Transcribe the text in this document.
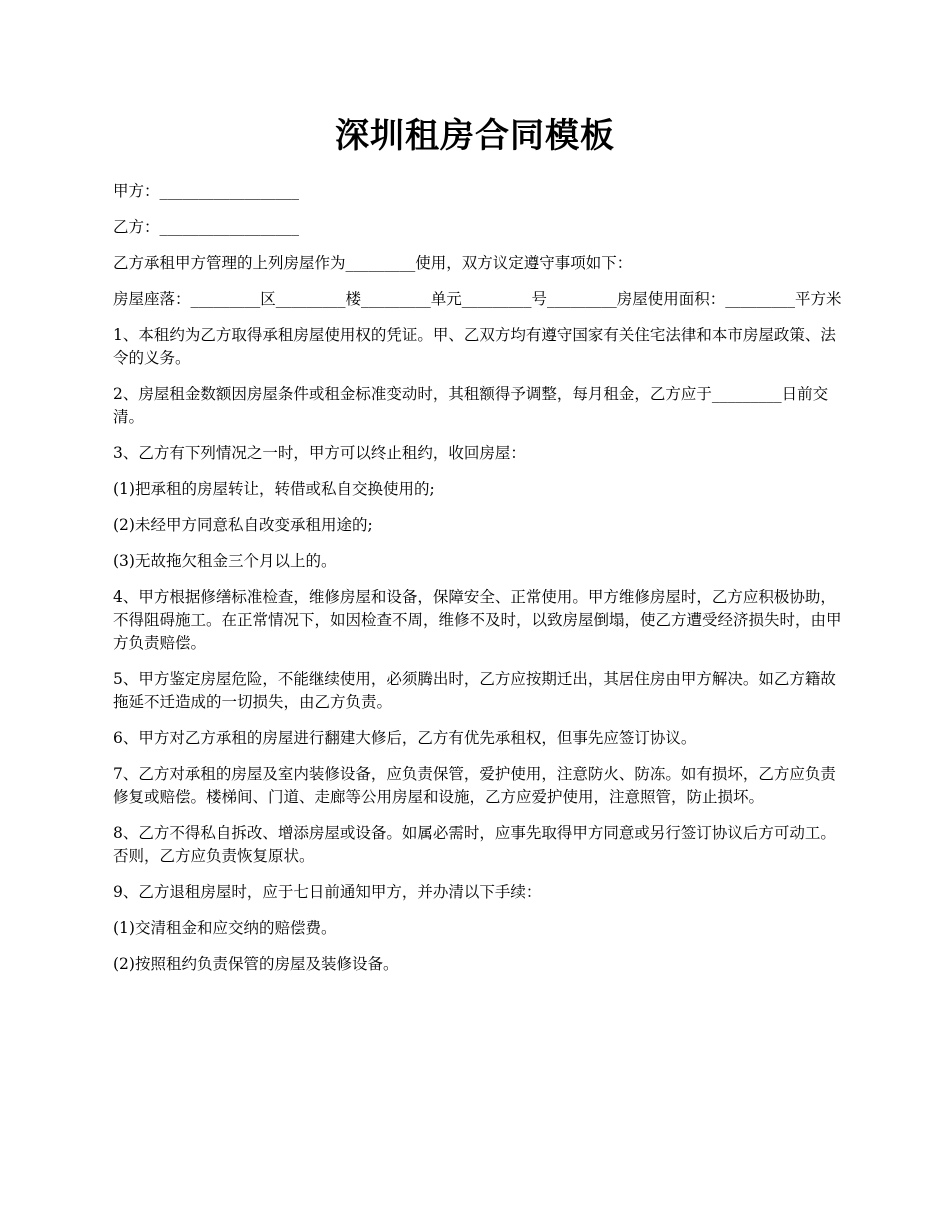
深圳租房合同模板

甲方：__________________

乙方：__________________

乙方承租甲方管理的上列房屋作为_________使用，双方议定遵守事项如下：

房屋座落：_________区_________楼_________单元_________号_________房屋使用面积：_________平方米

1、本租约为乙方取得承租房屋使用权的凭证。甲、乙双方均有遵守国家有关住宅法律和本市房屋政策、法令的义务。

2、房屋租金数额因房屋条件或租金标准变动时，其租额得予调整，每月租金，乙方应于_________日前交清。

3、乙方有下列情况之一时，甲方可以终止租约，收回房屋：

(1)把承租的房屋转让，转借或私自交换使用的;

(2)未经甲方同意私自改变承租用途的;

(3)无故拖欠租金三个月以上的。

4、甲方根据修缮标准检查，维修房屋和设备，保障安全、正常使用。甲方维修房屋时，乙方应积极协助，不得阻碍施工。在正常情况下，如因检查不周，维修不及时，以致房屋倒塌，使乙方遭受经济损失时，由甲方负责赔偿。

5、甲方鉴定房屋危险，不能继续使用，必须腾出时，乙方应按期迁出，其居住房由甲方解决。如乙方籍故拖延不迁造成的一切损失，由乙方负责。

6、甲方对乙方承租的房屋进行翻建大修后，乙方有优先承租权，但事先应签订协议。

7、乙方对承租的房屋及室内装修设备，应负责保管，爱护使用，注意防火、防冻。如有损坏，乙方应负责修复或赔偿。楼梯间、门道、走廊等公用房屋和设施，乙方应爱护使用，注意照管，防止损坏。

8、乙方不得私自拆改、增添房屋或设备。如属必需时，应事先取得甲方同意或另行签订协议后方可动工。否则，乙方应负责恢复原状。

9、乙方退租房屋时，应于七日前通知甲方，并办清以下手续：

(1)交清租金和应交纳的赔偿费。

(2)按照租约负责保管的房屋及装修设备。
